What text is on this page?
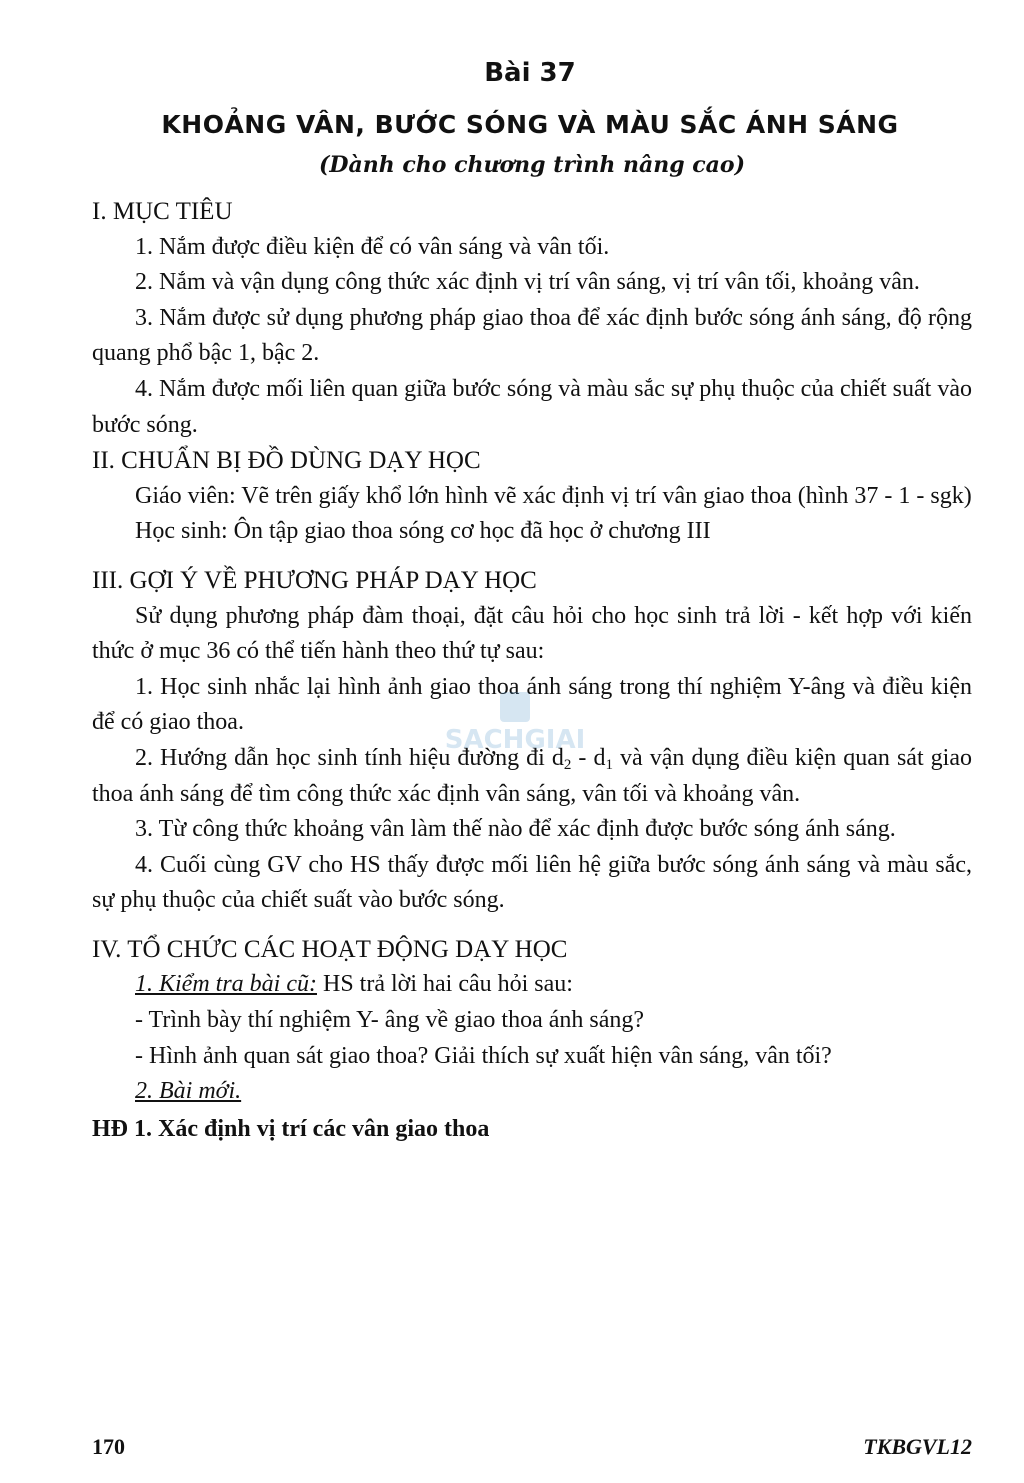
Bài 37
KHOẢNG VÂN, BƯỚC SÓNG VÀ MÀU SẮC ÁNH SÁNG
(Dành cho chương trình nâng cao)

I. MỤC TIÊU

1. Nắm được điều kiện để có vân sáng và vân tối.

2. Nắm và vận dụng công thức xác định vị trí vân sáng, vị trí vân tối, khoảng vân.

3. Nắm được sử dụng phương pháp giao thoa để xác định bước sóng ánh sáng, độ rộng quang phổ bậc 1, bậc 2.

4. Nắm được mối liên quan giữa bước sóng và màu sắc sự phụ thuộc của chiết suất vào bước sóng.

II. CHUẨN BỊ ĐỒ DÙNG DẠY HỌC

Giáo viên: Vẽ trên giấy khổ lớn hình vẽ xác định vị trí vân giao thoa (hình 37 - 1 - sgk)

Học sinh: Ôn tập giao thoa sóng cơ học đã học ở chương III

III. GỢI Ý VỀ PHƯƠNG PHÁP DẠY HỌC

Sử dụng phương pháp đàm thoại, đặt câu hỏi cho học sinh trả lời - kết hợp với kiến thức ở mục 36 có thể tiến hành theo thứ tự sau:

1. Học sinh nhắc lại hình ảnh giao thoa ánh sáng trong thí nghiệm Y-âng và điều kiện để có giao thoa.

2. Hướng dẫn học sinh tính hiệu đường đi $d_2 - d_1$ và vận dụng điều kiện quan sát giao thoa ánh sáng để tìm công thức xác định vân sáng, vân tối và khoảng vân.

3. Từ công thức khoảng vân làm thế nào để xác định được bước sóng ánh sáng.

4. Cuối cùng GV cho HS thấy được mối liên hệ giữa bước sóng ánh sáng và màu sắc, sự phụ thuộc của chiết suất vào bước sóng.

IV. TỔ CHỨC CÁC HOẠT ĐỘNG DẠY HỌC

1. Kiểm tra bài cũ: HS trả lời hai câu hỏi sau:

- Trình bày thí nghiệm Y- âng về giao thoa ánh sáng?

- Hình ảnh quan sát giao thoa? Giải thích sự xuất hiện vân sáng, vân tối?

2. Bài mới.

HĐ 1. Xác định vị trí các vân giao thoa

SACHGIAI
170	TKBGVL12
